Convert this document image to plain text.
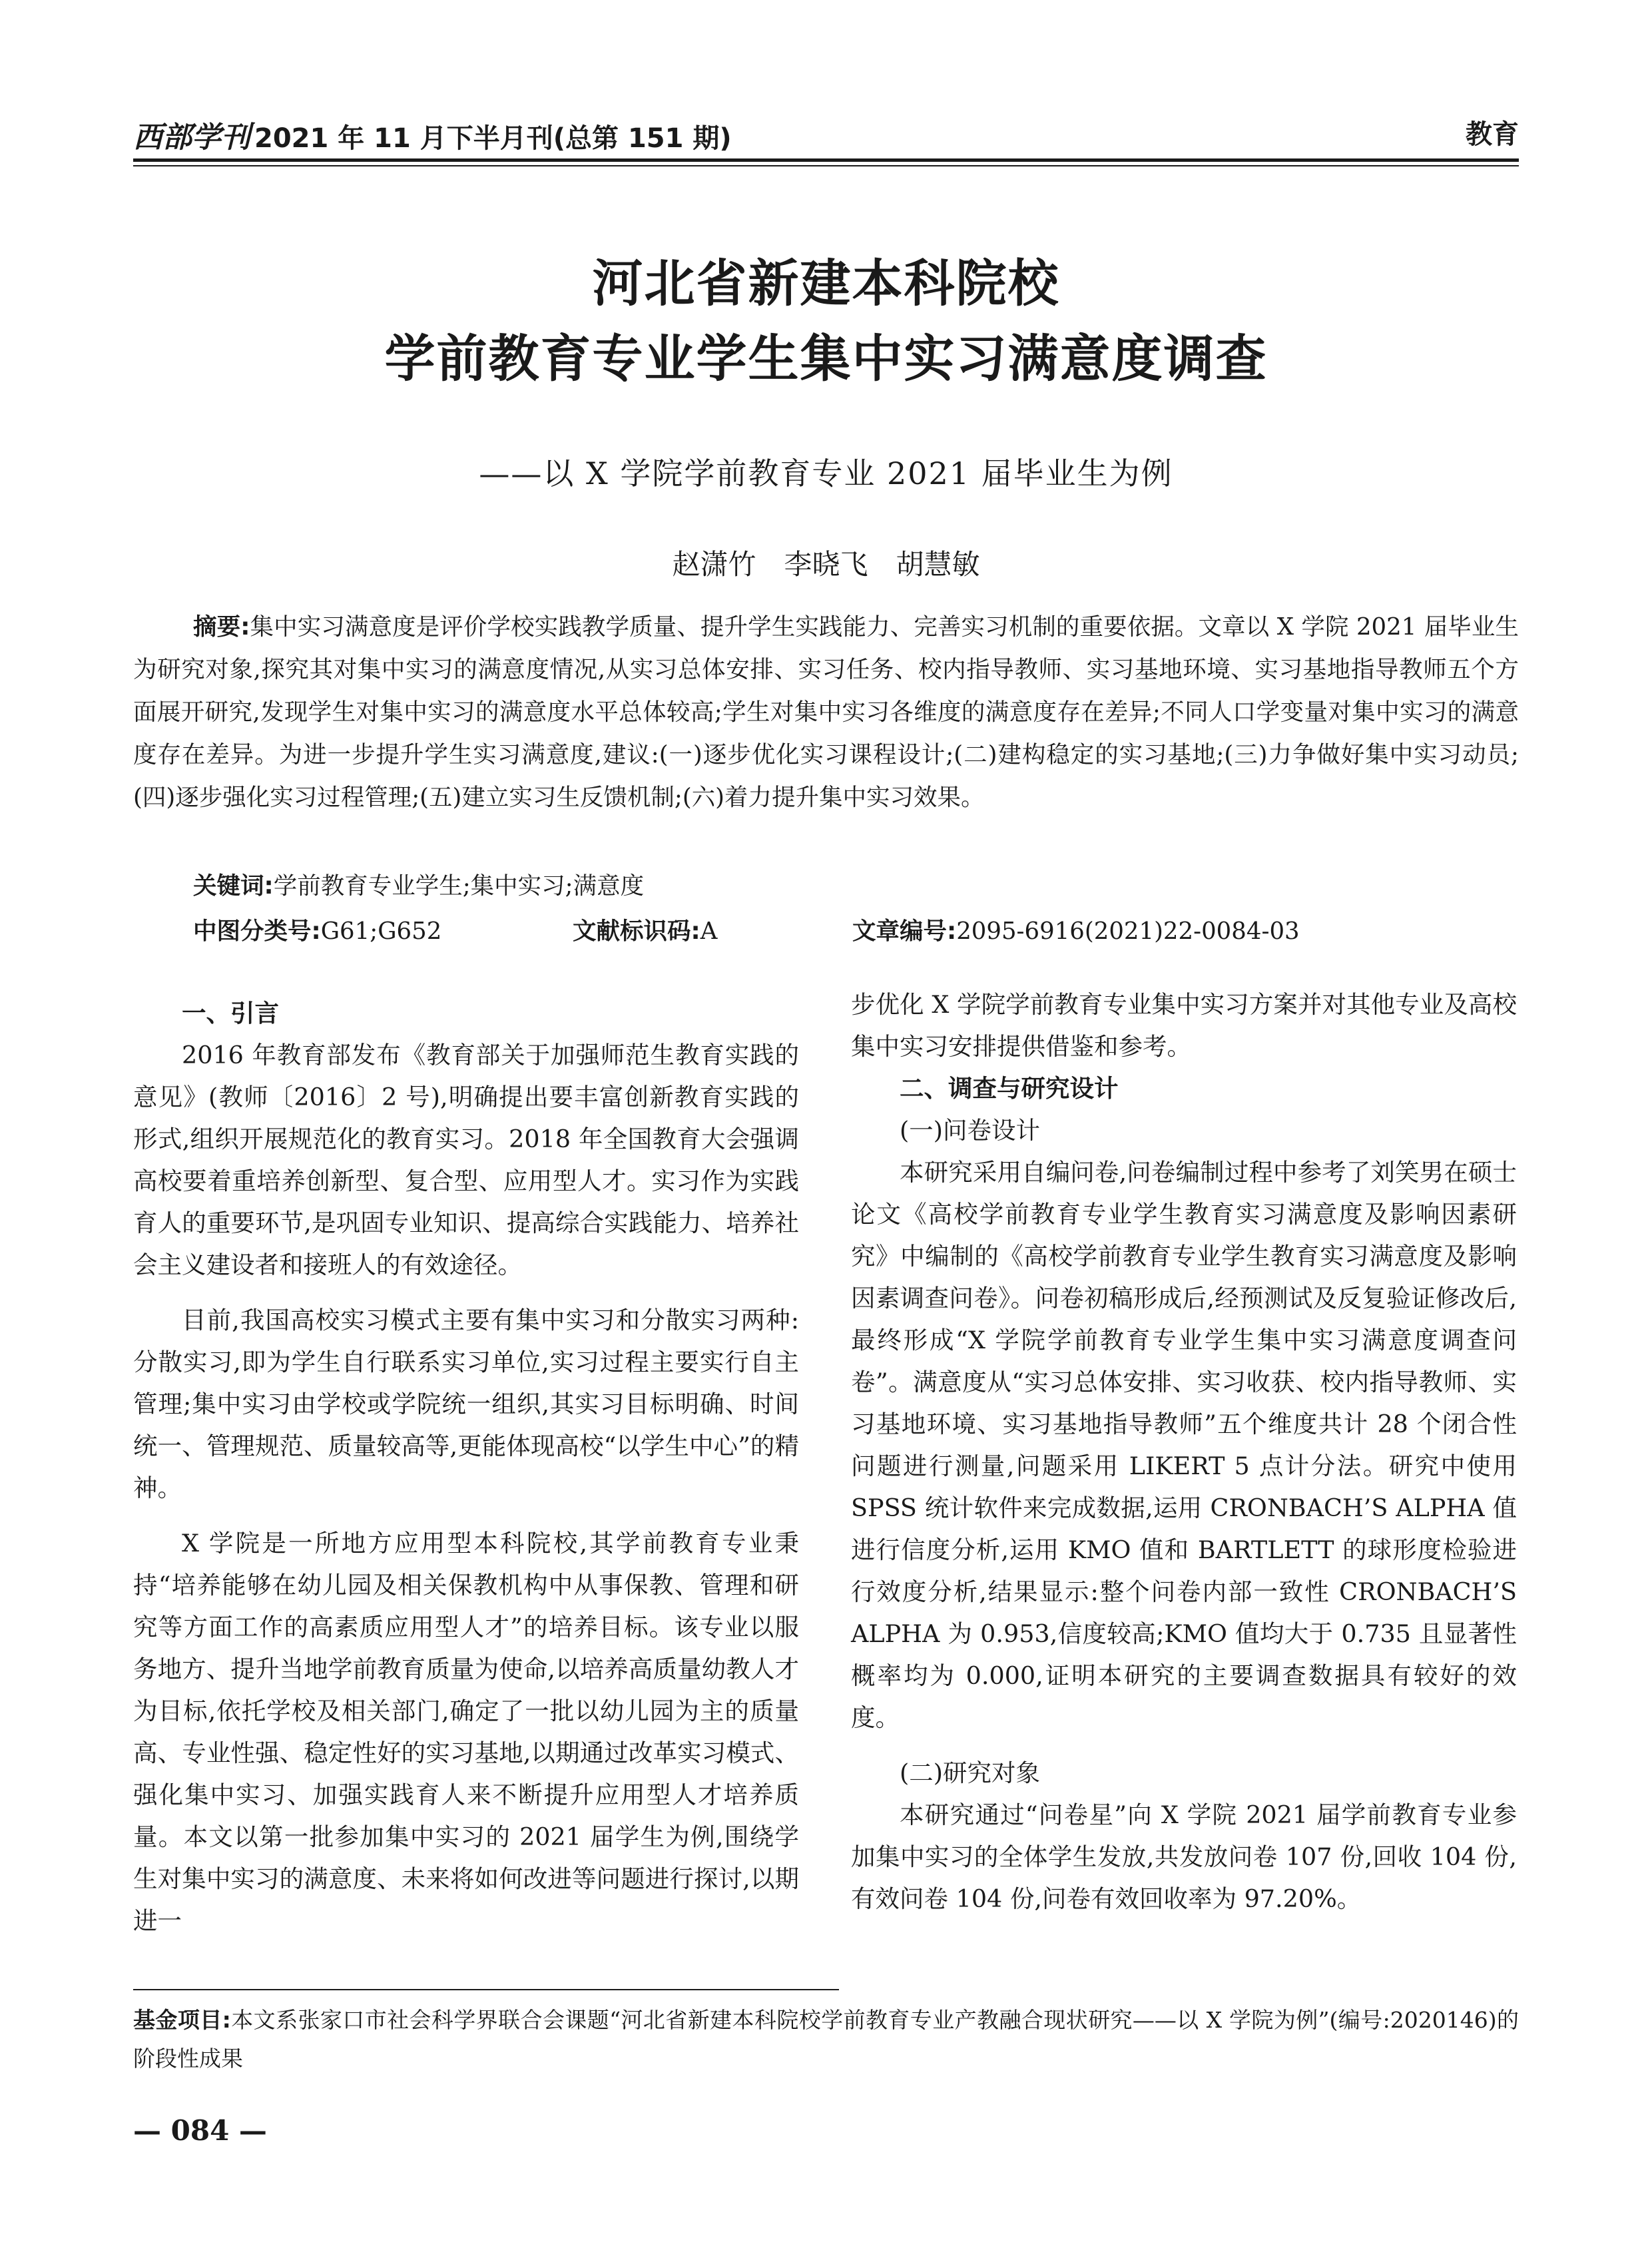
西部学刊 2021 年 11 月下半月刊(总第 151 期)	教育
河北省新建本科院校
学前教育专业学生集中实习满意度调查
——以 X 学院学前教育专业 2021 届毕业生为例
赵潇竹　李晓飞　胡慧敏
摘要:集中实习满意度是评价学校实践教学质量、提升学生实践能力、完善实习机制的重要依据。文章以 X 学院 2021 届毕业生为研究对象,探究其对集中实习的满意度情况,从实习总体安排、实习任务、校内指导教师、实习基地环境、实习基地指导教师五个方面展开研究,发现学生对集中实习的满意度水平总体较高;学生对集中实习各维度的满意度存在差异;不同人口学变量对集中实习的满意度存在差异。为进一步提升学生实习满意度,建议:(一)逐步优化实习课程设计;(二)建构稳定的实习基地;(三)力争做好集中实习动员;(四)逐步强化实习过程管理;(五)建立实习生反馈机制;(六)着力提升集中实习效果。
关键词:学前教育专业学生;集中实习;满意度
中图分类号:G61;G652	文献标识码:A	文章编号:2095-6916(2021)22-0084-03
一、引言

2016 年教育部发布《教育部关于加强师范生教育实践的意见》(教师〔2016〕2 号),明确提出要丰富创新教育实践的形式,组织开展规范化的教育实习。2018 年全国教育大会强调高校要着重培养创新型、复合型、应用型人才。实习作为实践育人的重要环节,是巩固专业知识、提高综合实践能力、培养社会主义建设者和接班人的有效途径。

目前,我国高校实习模式主要有集中实习和分散实习两种:分散实习,即为学生自行联系实习单位,实习过程主要实行自主管理;集中实习由学校或学院统一组织,其实习目标明确、时间统一、管理规范、质量较高等,更能体现高校“以学生中心”的精神。

X 学院是一所地方应用型本科院校,其学前教育专业秉持“培养能够在幼儿园及相关保教机构中从事保教、管理和研究等方面工作的高素质应用型人才”的培养目标。该专业以服务地方、提升当地学前教育质量为使命,以培养高质量幼教人才为目标,依托学校及相关部门,确定了一批以幼儿园为主的质量高、专业性强、稳定性好的实习基地,以期通过改革实习模式、强化集中实习、加强实践育人来不断提升应用型人才培养质量。本文以第一批参加集中实习的 2021 届学生为例,围绕学生对集中实习的满意度、未来将如何改进等问题进行探讨,以期进一

步优化 X 学院学前教育专业集中实习方案并对其他专业及高校集中实习安排提供借鉴和参考。

二、调查与研究设计
(一)问卷设计

本研究采用自编问卷,问卷编制过程中参考了刘笑男在硕士论文《高校学前教育专业学生教育实习满意度及影响因素研究》中编制的《高校学前教育专业学生教育实习满意度及影响因素调查问卷》。问卷初稿形成后,经预测试及反复验证修改后,最终形成“X 学院学前教育专业学生集中实习满意度调查问卷”。满意度从“实习总体安排、实习收获、校内指导教师、实习基地环境、实习基地指导教师”五个维度共计 28 个闭合性问题进行测量,问题采用 LIKERT 5 点计分法。研究中使用 SPSS 统计软件来完成数据,运用 CRONBACH’S ALPHA 值进行信度分析,运用 KMO 值和 BARTLETT 的球形度检验进行效度分析,结果显示:整个问卷内部一致性 CRONBACH’S ALPHA 为 0.953,信度较高;KMO 值均大于 0.735 且显著性概率均为 0.000,证明本研究的主要调查数据具有较好的效度。

(二)研究对象

本研究通过“问卷星”向 X 学院 2021 届学前教育专业参加集中实习的全体学生发放,共发放问卷 107 份,回收 104 份,有效问卷 104 份,问卷有效回收率为 97.20%。

基金项目:本文系张家口市社会科学界联合会课题“河北省新建本科院校学前教育专业产教融合现状研究——以 X 学院为例”(编号:2020146)的阶段性成果
— 084 —
